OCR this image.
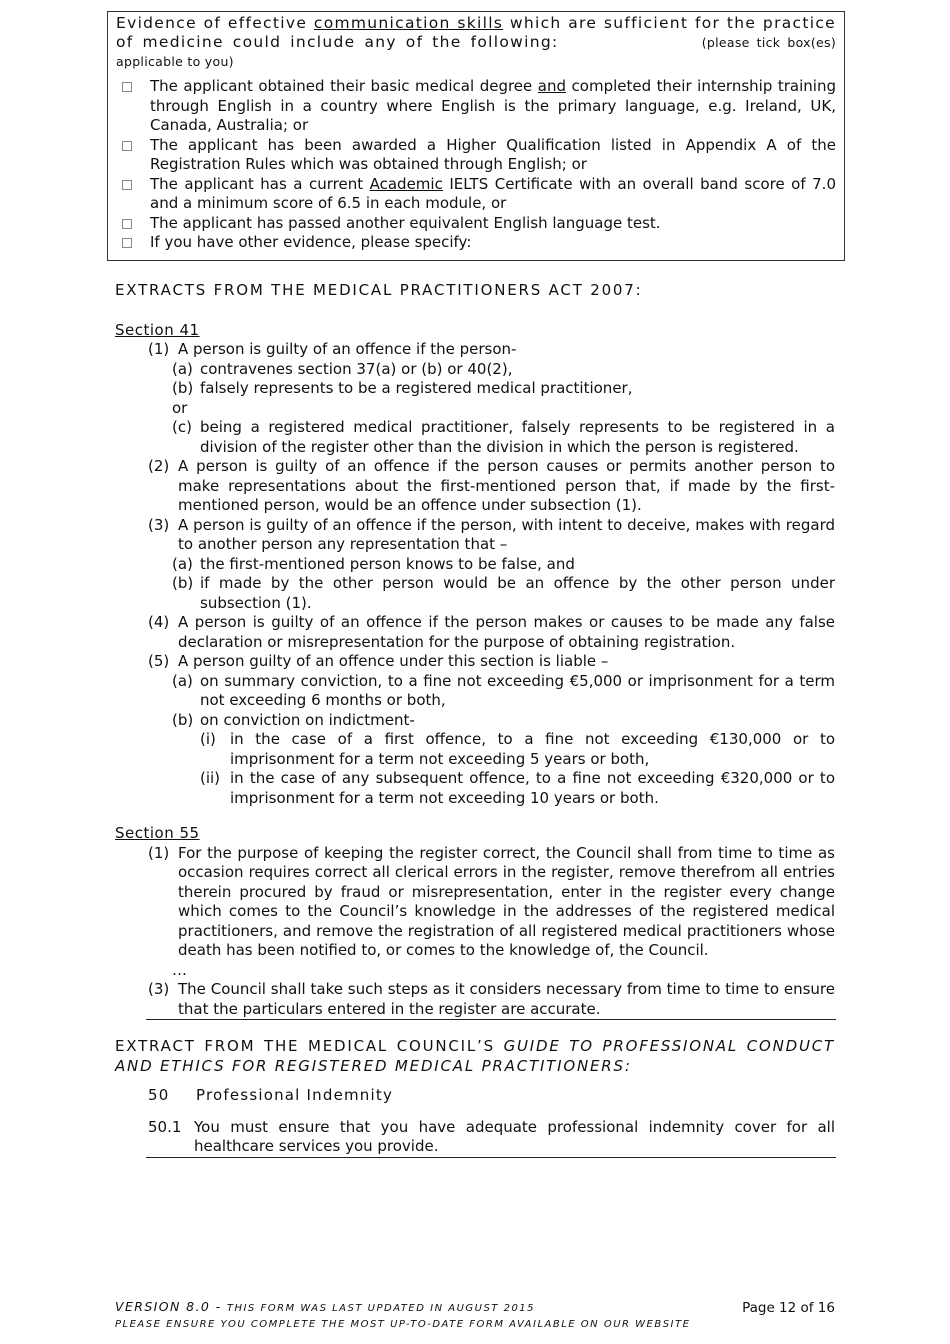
Evidence of effective communication skills which are sufficient for the practice of medicine could include any of the following:	(please tick box(es) applicable to you)
The applicant obtained their basic medical degree and completed their internship training through English in a country where English is the primary language, e.g. Ireland, UK, Canada, Australia; or
The applicant has been awarded a Higher Qualification listed in Appendix A of the Registration Rules which was obtained through English; or
The applicant has a current Academic IELTS Certificate with an overall band score of 7.0 and a minimum score of 6.5 in each module, or
The applicant has passed another equivalent English language test.
If you have other evidence, please specify:
EXTRACTS FROM THE MEDICAL PRACTITIONERS ACT 2007:
Section 41
(1) A person is guilty of an offence if the person-
(a) contravenes section 37(a) or (b) or 40(2),
(b) falsely represents to be a registered medical practitioner,
or
(c) being a registered medical practitioner, falsely represents to be registered in a division of the register other than the division in which the person is registered.
(2) A person is guilty of an offence if the person causes or permits another person to make representations about the first-mentioned person that, if made by the first-mentioned person, would be an offence under subsection (1).
(3) A person is guilty of an offence if the person, with intent to deceive, makes with regard to another person any representation that –
(a) the first-mentioned person knows to be false, and
(b) if made by the other person would be an offence by the other person under subsection (1).
(4) A person is guilty of an offence if the person makes or causes to be made any false declaration or misrepresentation for the purpose of obtaining registration.
(5) A person guilty of an offence under this section is liable –
(a) on summary conviction, to a fine not exceeding €5,000 or imprisonment for a term not exceeding 6 months or both,
(b) on conviction on indictment-
(i) in the case of a first offence, to a fine not exceeding €130,000 or to imprisonment for a term not exceeding 5 years or both,
(ii) in the case of any subsequent offence, to a fine not exceeding €320,000 or to imprisonment for a term not exceeding 10 years or both.
Section 55
(1) For the purpose of keeping the register correct, the Council shall from time to time as occasion requires correct all clerical errors in the register, remove therefrom all entries therein procured by fraud or misrepresentation, enter in the register every change which comes to the Council’s knowledge in the addresses of the registered medical practitioners, and remove the registration of all registered medical practitioners whose death has been notified to, or comes to the knowledge of, the Council.
…
(3) The Council shall take such steps as it considers necessary from time to time to ensure that the particulars entered in the register are accurate.
EXTRACT FROM THE MEDICAL COUNCIL’S GUIDE TO PROFESSIONAL CONDUCT AND ETHICS FOR REGISTERED MEDICAL PRACTITIONERS:
50	Professional Indemnity
50.1 You must ensure that you have adequate professional indemnity cover for all healthcare services you provide.
VERSION 8.0 - THIS FORM WAS LAST UPDATED IN AUGUST 2015
PLEASE ENSURE YOU COMPLETE THE MOST UP-TO-DATE FORM AVAILABLE ON OUR WEBSITE
Page 12 of 16
